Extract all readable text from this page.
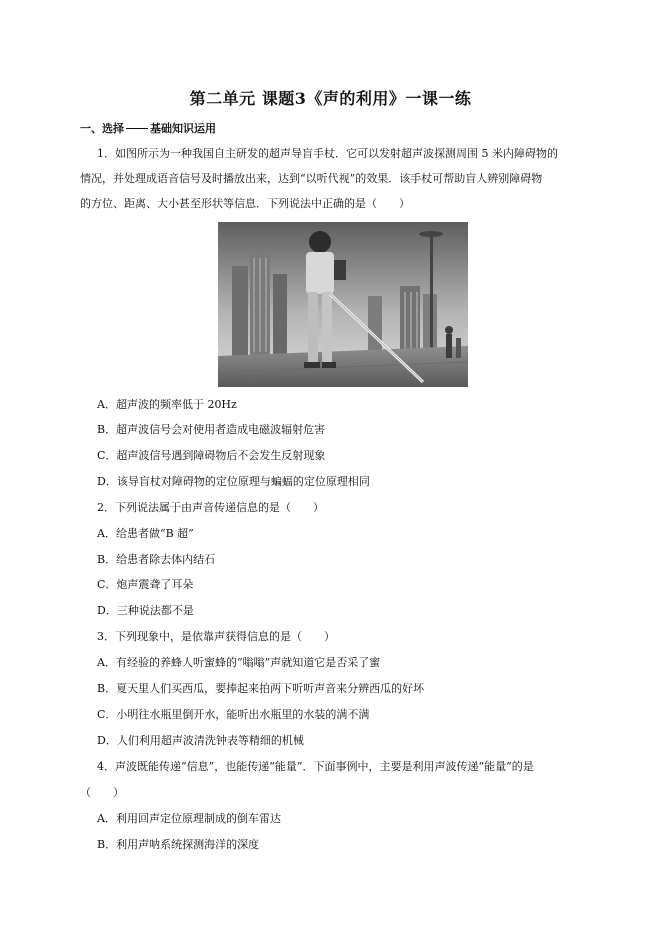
第二单元 课题3《声的利用》一课一练
一、选择 基础知识运用
1．如图所示为一种我国自主研发的超声导盲手杖．它可以发射超声波探测周围 5 米内障碍物的
情况，并处理成语音信号及时播放出来，达到“以听代视”的效果．该手杖可帮助盲人辨别障碍物
的方位、距离、大小甚至形状等信息．下列说法中正确的是（　　）
A．超声波的频率低于 20Hz
B．超声波信号会对使用者造成电磁波辐射危害
C．超声波信号遇到障碍物后不会发生反射现象
D．该导盲杖对障碍物的定位原理与蝙蝠的定位原理相同
2．下列说法属于由声音传递信息的是（　　）
A．给患者做“B 超”
B．给患者除去体内结石
C．炮声震聋了耳朵
D．三种说法都不是
3．下列现象中，是依靠声获得信息的是（　　）
A．有经验的养蜂人听蜜蜂的“嗡嗡”声就知道它是否采了蜜
B．夏天里人们买西瓜，要捧起来拍两下听听声音来分辨西瓜的好坏
C．小明往水瓶里倒开水，能听出水瓶里的水装的满不满
D．人们利用超声波清洗钟表等精细的机械
4．声波既能传递“信息”，也能传递“能量”．下面事例中，主要是利用声波传递“能量”的是
（　　）
A．利用回声定位原理制成的倒车雷达
B．利用声呐系统探测海洋的深度
